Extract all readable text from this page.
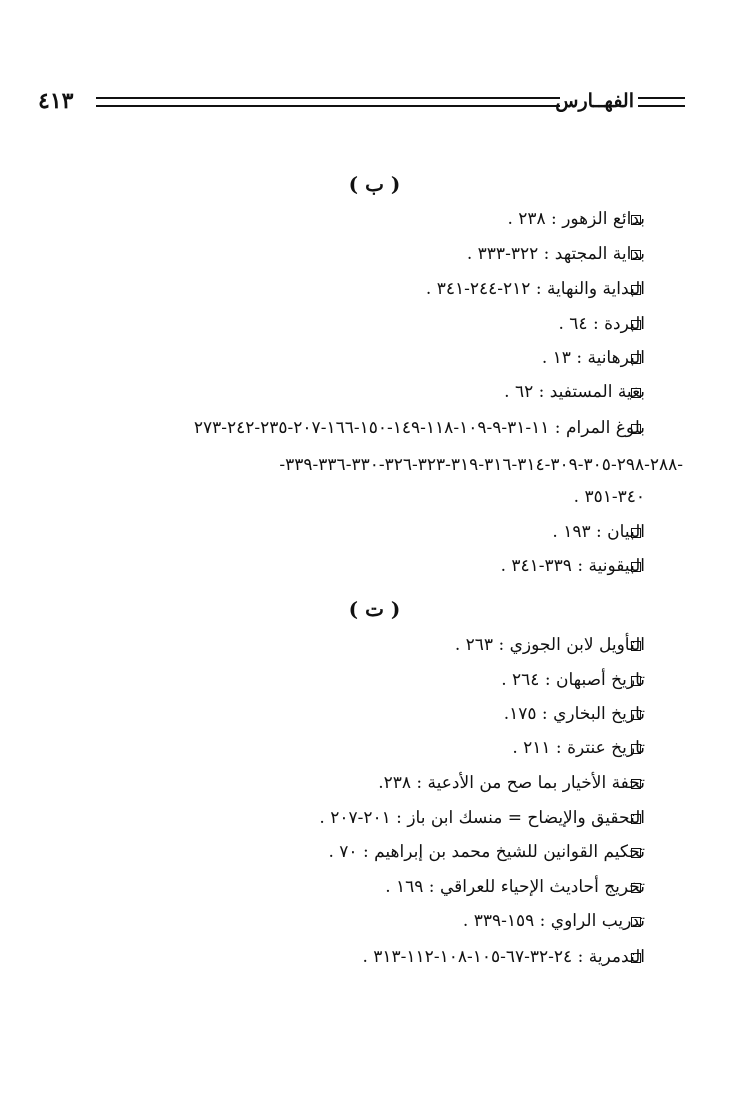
٤١٣	الفهــارس
( ب )
بدائع الزهور : ٢٣٨ .
بداية المجتهد : ٣٢٢-٣٣٣ .
البداية والنهاية : ٢١٢-٢٤٤-٣٤١ .
البردة : ٦٤ .
البرهانية : ١٣ .
بغية المستفيد : ٦٢ .
بلوغ المرام : ١١-٣١-٩-١٠٩-١١٨-١٤٩-١٥٠-١٦٦-٢٠٧-٢٣٥-٢٤٢-٢٧٣
-٢٨٨-٢٩٨-٣٠٥-٣٠٩-٣١٤-٣١٦-٣١٩-٣٢٣-٣٢٦-٣٣٠-٣٣٦-٣٣٩-
٣٤٠-٣٥١ .
البيان : ١٩٣ .
البيقونية : ٣٣٩-٣٤١ .
( ت )
التأويل لابن الجوزي : ٢٦٣ .
تاريخ أصبهان : ٢٦٤ .
تاريخ البخاري : ١٧٥.
تاريخ عنترة : ٢١١ .
تحفة الأخيار بما صح من الأدعية : ٢٣٨.
التحقيق والإيضاح = منسك ابن باز : ٢٠١-٢٠٧ .
تحكيم القوانين للشيخ محمد بن إبراهيم : ٧٠ .
تخريج أحاديث الإحياء للعراقي : ١٦٩ .
تدريب الراوي : ١٥٩-٣٣٩ .
التدمرية : ٢٤-٣٢-٦٧-١٠٥-١٠٨-١١٢-٣١٣ .
